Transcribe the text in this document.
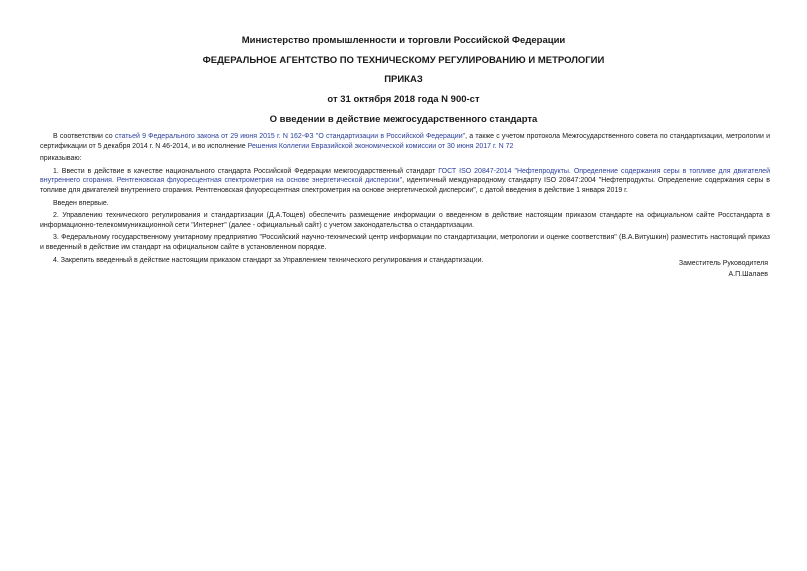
Министерство промышленности и торговли Российской Федерации
ФЕДЕРАЛЬНОЕ АГЕНТСТВО ПО ТЕХНИЧЕСКОМУ РЕГУЛИРОВАНИЮ И МЕТРОЛОГИИ
ПРИКАЗ
от 31 октября 2018 года N 900-ст
О введении в действие межгосударственного стандарта

В соответствии со статьей 9 Федерального закона от 29 июня 2015 г. N 162-ФЗ "О стандартизации в Российской Федерации", а также с учетом протокола Межгосударственного совета по стандартизации, метрологии и сертификации от 5 декабря 2014 г. N 46-2014, и во исполнение Решения Коллегии Евразийской экономической комиссии от 30 июня 2017 г. N 72

приказываю:

1. Ввести в действие в качестве национального стандарта Российской Федерации межгосударственный стандарт ГОСТ ISO 20847-2014 "Нефтепродукты. Определение содержания серы в топливе для двигателей внутреннего сгорания. Рентгеновская флуоресцентная спектрометрия на основе энергетической дисперсии", идентичный международному стандарту ISO 20847:2004 "Нефтепродукты. Определение содержания серы в топливе для двигателей внутреннего сгорания. Рентгеновская флуоресцентная спектрометрия на основе энергетической дисперсии", с датой введения в действие 1 января 2019 г.

Введен впервые.

2. Управлению технического регулирования и стандартизации (Д.А.Тощев) обеспечить размещение информации о введенном в действие настоящим приказом стандарте на официальном сайте Росстандарта в информационно-телекоммуникационной сети "Интернет" (далее - официальный сайт) с учетом законодательства о стандартизации.

3. Федеральному государственному унитарному предприятию "Российский научно-технический центр информации по стандартизации, метрологии и оценке соответствия" (В.А.Витушкин) разместить настоящий приказ и введенный в действие им стандарт на официальном сайте в установленном порядке.

4. Закрепить введенный в действие настоящим приказом стандарт за Управлением технического регулирования и стандартизации.	Заместитель Руководителя
А.П.Шалаев
